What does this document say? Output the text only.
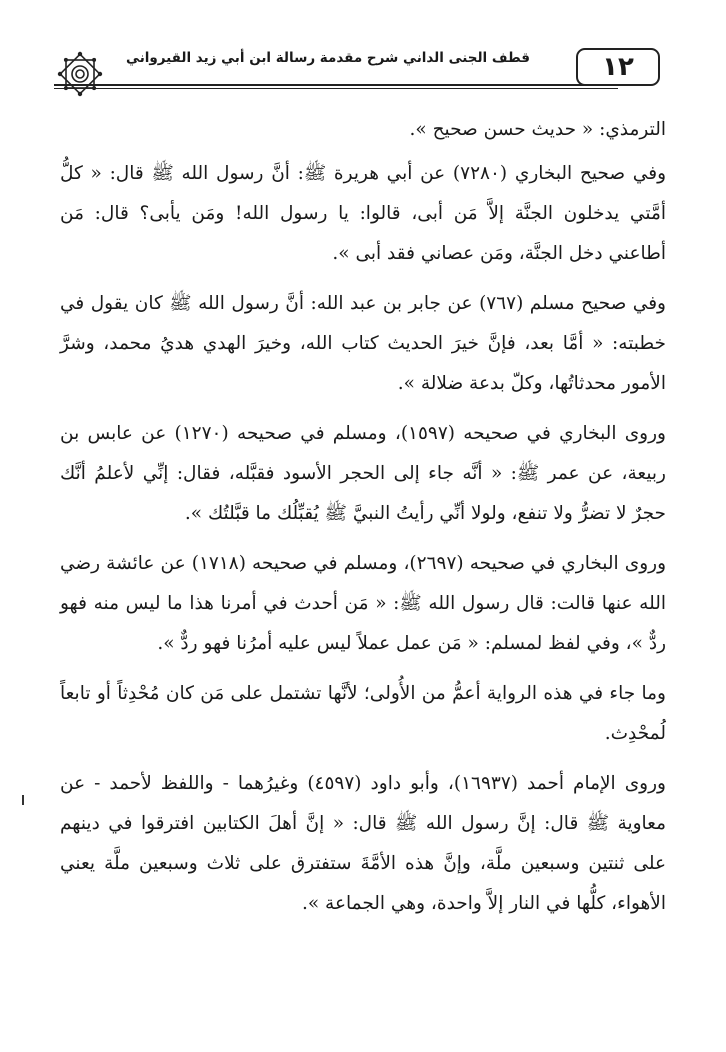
قطف الجنى الداني شرح مقدمة رسالة ابن أبي زيد القيرواني	١٢

الترمذي: « حديث حسن صحيح ».

وفي صحيح البخاري (٧٢٨٠) عن أبي هريرة ﷺ: أنَّ رسول الله ﷺ قال: « كلُّ أمَّتي يدخلون الجنَّة إلاَّ مَن أبى، قالوا: يا رسول الله! ومَن يأبى؟ قال: مَن أطاعني دخل الجنَّة، ومَن عصاني فقد أبى ».

وفي صحيح مسلم (٧٦٧) عن جابر بن عبد الله: أنَّ رسول الله ﷺ كان يقول في خطبته: « أمَّا بعد، فإنَّ خيرَ الحديث كتاب الله، وخيرَ الهدي هديُ محمد، وشرَّ الأمور محدثاتُها، وكلّ بدعة ضلالة ».

وروى البخاري في صحيحه (١٥٩٧)، ومسلم في صحيحه (١٢٧٠) عن عابس بن ربيعة، عن عمر ﷺ: « أنَّه جاء إلى الحجر الأسود فقبَّله، فقال: إنِّي لأعلمُ أنَّك حجرٌ لا تضرُّ ولا تنفع، ولولا أنِّي رأيتُ النبيَّ ﷺ يُقبِّلُك ما قبَّلتُك ».

وروى البخاري في صحيحه (٢٦٩٧)، ومسلم في صحيحه (١٧١٨) عن عائشة رضي الله عنها قالت: قال رسول الله ﷺ: « مَن أحدث في أمرنا هذا ما ليس منه فهو ردٌّ »، وفي لفظ لمسلم: « مَن عمل عملاً ليس عليه أمرُنا فهو ردٌّ ».

وما جاء في هذه الرواية أعمُّ من الأُولى؛ لأنَّها تشتمل على مَن كان مُحْدِثاً أو تابعاً لُمحْدِث.

وروى الإمام أحمد (١٦٩٣٧)، وأبو داود (٤٥٩٧) وغيرُهما - واللفظ لأحمد - عن معاوية ﷺ قال: إنَّ رسول الله ﷺ قال: « إنَّ أهلَ الكتابين افترقوا في دينهم على ثنتين وسبعين ملَّة، وإنَّ هذه الأمَّةَ ستفترق على ثلاث وسبعين ملَّة يعني الأهواء، كلُّها في النار إلاَّ واحدة، وهي الجماعة ».
